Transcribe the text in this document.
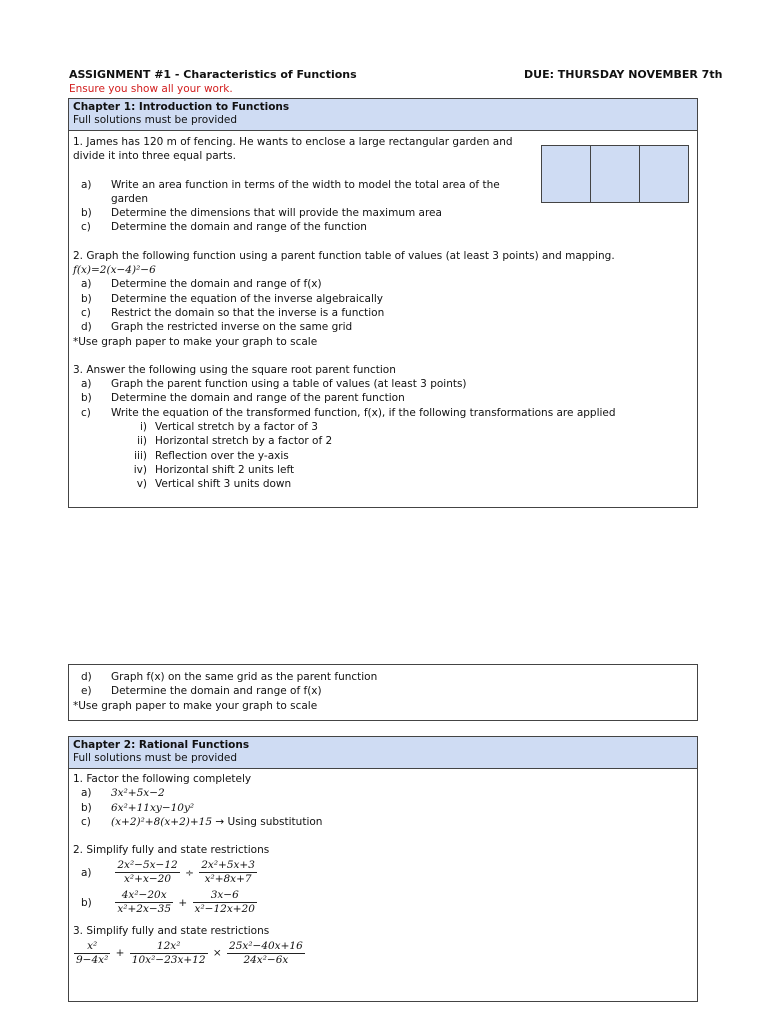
ASSIGNMENT #1 - Characteristics of Functions	DUE: THURSDAY NOVEMBER 7th
Ensure you show all your work.
Chapter 1: Introduction to Functions
Full solutions must be provided
1. James has 120 m of fencing. He wants to enclose a large rectangular garden and
divide it into three equal parts.
a) Write an area function in terms of the width to model the total area of the
garden
b) Determine the dimensions that will provide the maximum area
c) Determine the domain and range of the function
2. Graph the following function using a parent function table of values (at least 3 points) and mapping.
f(x)=2(x−4)²−6
a) Determine the domain and range of f(x)
b) Determine the equation of the inverse algebraically
c) Restrict the domain so that the inverse is a function
d) Graph the restricted inverse on the same grid
*Use graph paper to make your graph to scale
3. Answer the following using the square root parent function
a) Graph the parent function using a table of values (at least 3 points)
b) Determine the domain and range of the parent function
c) Write the equation of the transformed function, f(x), if the following transformations are applied
i) Vertical stretch by a factor of 3
ii) Horizontal stretch by a factor of 2
iii) Reflection over the y-axis
iv) Horizontal shift 2 units left
v) Vertical shift 3 units down
d) Graph f(x) on the same grid as the parent function
e) Determine the domain and range of f(x)
*Use graph paper to make your graph to scale
Chapter 2: Rational Functions
Full solutions must be provided
1. Factor the following completely
a) 3x²+5x−2
b) 6x²+11xy−10y²
c) (x+2)²+8(x+2)+15 → Using substitution
2. Simplify fully and state restrictions
$a) \frac{\text{2x²−5x−12}}{\text{x²+x−20}} \div \frac{\text{2x²+5x+3}}{\text{x²+8x+7}}$
$b) \frac{\text{4x²−20x}}{\text{x²+2x−35}} + \frac{3x-6}{\text{x²−12x+20}}$
3. Simplify fully and state restrictions
$\frac{\text{x²}}{\text{9−4x²}} + \frac{\text{12x²}}{\text{10x²−23x+12}} \times \frac{\text{25x²−40x+16}}{\text{24x²−6x}}$
